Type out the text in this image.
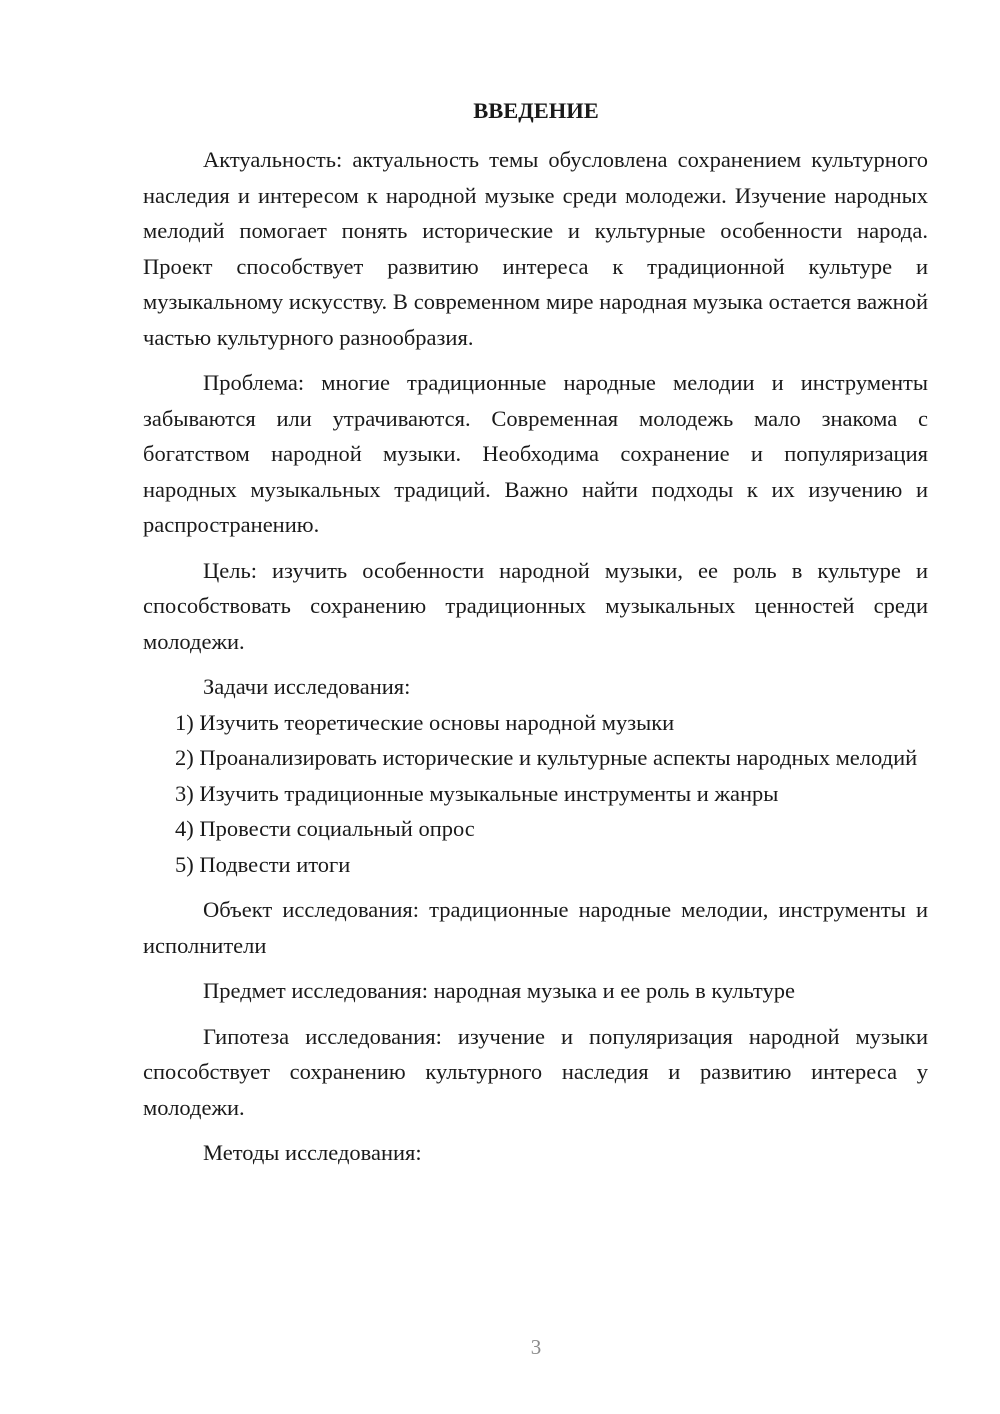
ВВЕДЕНИЕ

Актуальность: актуальность темы обусловлена сохранением культурного наследия и интересом к народной музыке среди молодежи. Изучение народных мелодий помогает понять исторические и культурные особенности народа. Проект способствует развитию интереса к традиционной культуре и музыкальному искусству. В современном мире народная музыка остается важной частью культурного разнообразия.

Проблема: многие традиционные народные мелодии и инструменты забываются или утрачиваются. Современная молодежь мало знакома с богатством народной музыки. Необходима сохранение и популяризация народных музыкальных традиций. Важно найти подходы к их изучению и распространению.

Цель: изучить особенности народной музыки, ее роль в культуре и способствовать сохранению традиционных музыкальных ценностей среди молодежи.

Задачи исследования:

1) Изучить теоретические основы народной музыки

2) Проанализировать исторические и культурные аспекты народных мелодий

3) Изучить традиционные музыкальные инструменты и жанры

4) Провести социальный опрос

5) Подвести итоги

Объект исследования: традиционные народные мелодии, инструменты и исполнители

Предмет исследования: народная музыка и ее роль в культуре

Гипотеза исследования: изучение и популяризация народной музыки способствует сохранению культурного наследия и развитию интереса у молодежи.

Методы исследования:

3
